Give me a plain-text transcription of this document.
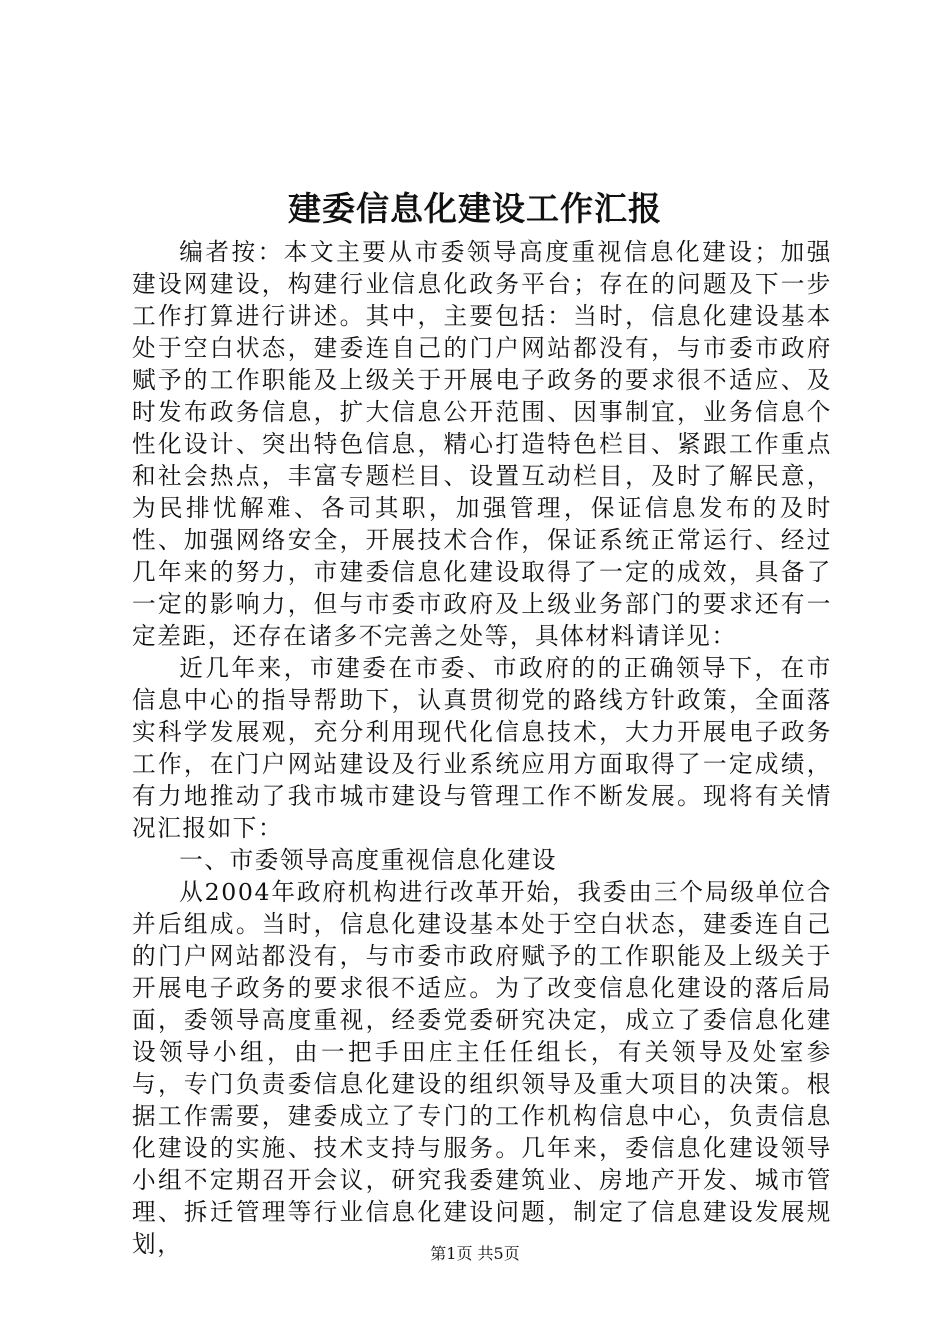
建委信息化建设工作汇报

编者按：本文主要从市委领导高度重视信息化建设；加强建设网建设，构建行业信息化政务平台；存在的问题及下一步工作打算进行讲述。其中，主要包括：当时，信息化建设基本处于空白状态，建委连自己的门户网站都没有，与市委市政府赋予的工作职能及上级关于开展电子政务的要求很不适应、及时发布政务信息，扩大信息公开范围、因事制宜，业务信息个性化设计、突出特色信息，精心打造特色栏目、紧跟工作重点和社会热点，丰富专题栏目、设置互动栏目，及时了解民意，为民排忧解难、各司其职，加强管理，保证信息发布的及时性、加强网络安全，开展技术合作，保证系统正常运行、经过几年来的努力，市建委信息化建设取得了一定的成效，具备了一定的影响力，但与市委市政府及上级业务部门的要求还有一定差距，还存在诸多不完善之处等，具体材料请详见：

近几年来，市建委在市委、市政府的的正确领导下，在市信息中心的指导帮助下，认真贯彻党的路线方针政策，全面落实科学发展观，充分利用现代化信息技术，大力开展电子政务工作，在门户网站建设及行业系统应用方面取得了一定成绩，有力地推动了我市城市建设与管理工作不断发展。现将有关情况汇报如下：

一、市委领导高度重视信息化建设

从2004年政府机构进行改革开始，我委由三个局级单位合并后组成。当时，信息化建设基本处于空白状态，建委连自己的门户网站都没有，与市委市政府赋予的工作职能及上级关于开展电子政务的要求很不适应。为了改变信息化建设的落后局面，委领导高度重视，经委党委研究决定，成立了委信息化建设领导小组，由一把手田庄主任任组长，有关领导及处室参与，专门负责委信息化建设的组织领导及重大项目的决策。根据工作需要，建委成立了专门的工作机构信息中心，负责信息化建设的实施、技术支持与服务。几年来，委信息化建设领导小组不定期召开会议，研究我委建筑业、房地产开发、城市管理、拆迁管理等行业信息化建设问题，制定了信息建设发展规划，	第1页 共5页
